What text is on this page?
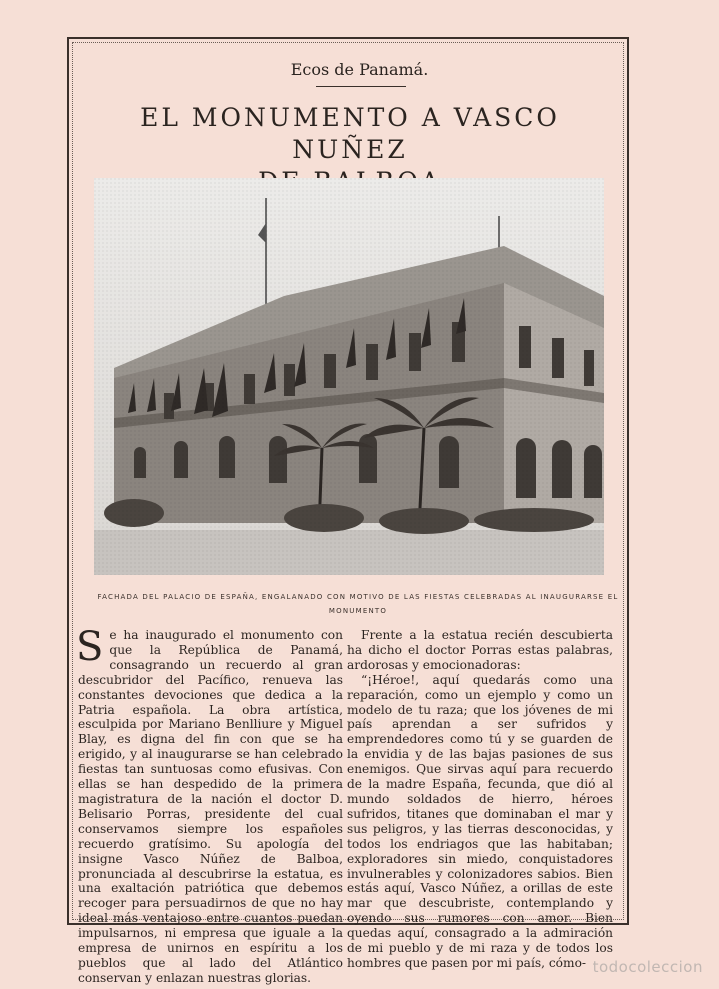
Ecos de Panamá.
EL MONUMENTO A VASCO NUÑEZ
FACHADA DEL PALACIO DE ESPAÑA, ENGALANADO CON MOTIVO DE LAS FIESTAS CELEBRADAS AL INAUGURARSE EL MONUMENTO

Se ha inaugurado el monumento con que la República de Panamá, consagrando un recuerdo al gran descubridor del Pacífico, renueva las constantes devociones que dedica a la Patria española. La obra artística, esculpida por Mariano Benlliure y Miguel Blay, es digna del fin con que se ha erigido, y al inaugurarse se han celebrado fiestas tan suntuosas como efusivas. Con ellas se han despedido de la primera magistratura de la nación el doctor D. Belisario Porras, presidente del cual conservamos siempre los españoles recuerdo gratísimo. Su apología del insigne Vasco Núñez de Balboa, pronunciada al descubrirse la estatua, es una exaltación patriótica que debemos recoger para persuadirnos de que no hay ideal más ventajoso entre cuantos puedan impulsarnos, ni empresa que iguale a la empresa de unirnos en espíritu a los pueblos que al lado del Atlántico conservan y enlazan nuestras glorias.

Frente a la estatua recién descubierta ha dicho el doctor Porras estas palabras, ardorosas y emocionadoras:

“¡Héroe!, aquí quedarás como una reparación, como un ejemplo y como un modelo de tu raza; que los jóvenes de mi país aprendan a ser sufridos y emprendedores como tú y se guarden de la envidia y de las bajas pasiones de sus enemigos. Que sirvas aquí para recuerdo de la madre España, fecunda, que dió al mundo soldados de hierro, héroes sufridos, titanes que dominaban el mar y sus peligros, y las tierras desconocidas, y todos los endriagos que las habitaban; exploradores sin miedo, conquistadores invulnerables y colonizadores sabios. Bien estás aquí, Vasco Núñez, a orillas de este mar que descubriste, contemplando y oyendo sus rumores con amor. Bien quedas aquí, consagrado a la admiración de mi pueblo y de mi raza y de todos los hombres que pasen por mi país, cómo- todocoleccion
